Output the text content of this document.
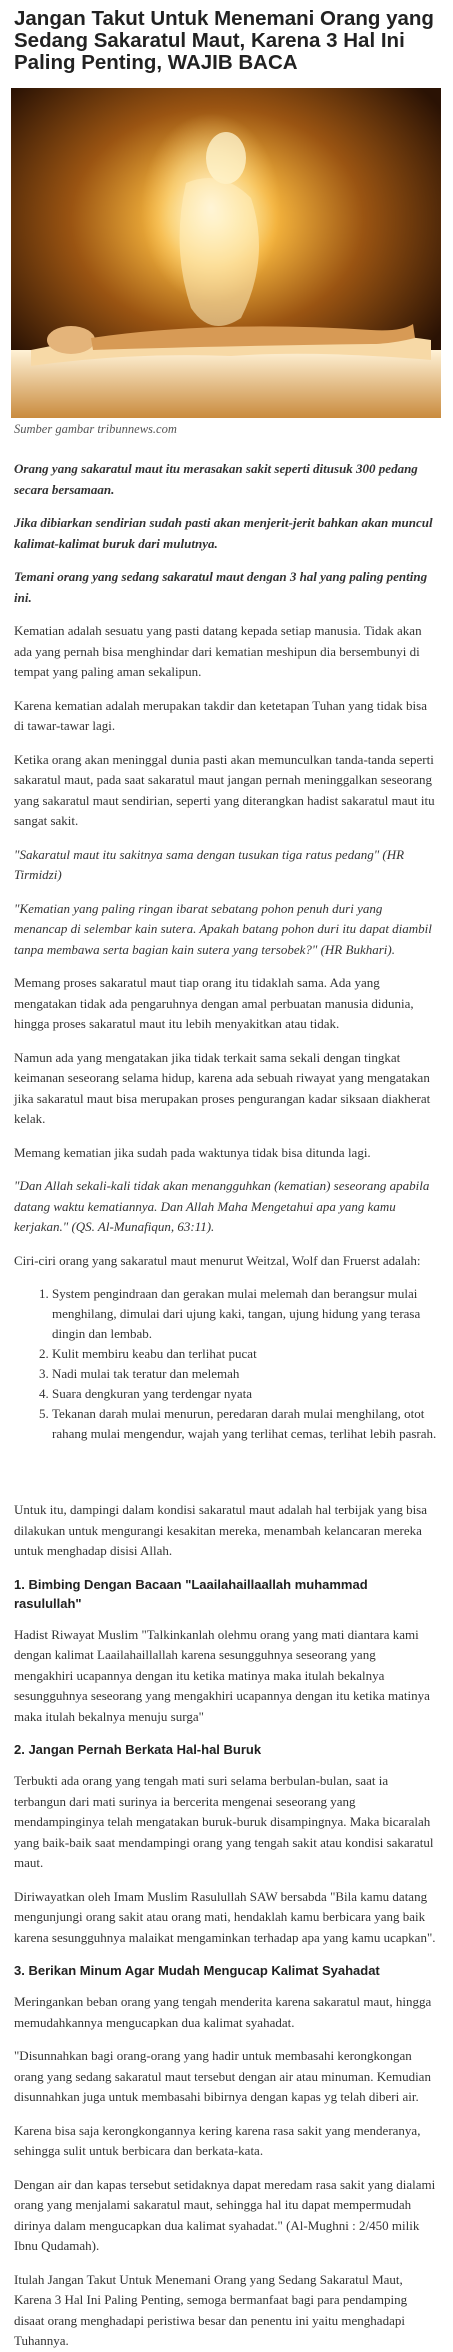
Jangan Takut Untuk Menemani Orang yang Sedang Sakaratul Maut, Karena 3 Hal Ini Paling Penting, WAJIB BACA
Sumber gambar tribunnews.com

Orang yang sakaratul maut itu merasakan sakit seperti ditusuk 300 pedang secara bersamaan.

Jika dibiarkan sendirian sudah pasti akan menjerit-jerit bahkan akan muncul kalimat-kalimat buruk dari mulutnya.

Temani orang yang sedang sakaratul maut dengan 3 hal yang paling penting ini.

Kematian adalah sesuatu yang pasti datang kepada setiap manusia. Tidak akan ada yang pernah bisa menghindar dari kematian meshipun dia bersembunyi di tempat yang paling aman sekalipun.

Karena kematian adalah merupakan takdir dan ketetapan Tuhan yang tidak bisa di tawar-tawar lagi.

Ketika orang akan meninggal dunia pasti akan memunculkan tanda-tanda seperti sakaratul maut, pada saat sakaratul maut jangan pernah meninggalkan seseorang yang sakaratul maut sendirian, seperti yang diterangkan hadist sakaratul maut itu sangat sakit.

"Sakaratul maut itu sakitnya sama dengan tusukan tiga ratus pedang" (HR Tirmidzi)

"Kematian yang paling ringan ibarat sebatang pohon penuh duri yang menancap di selembar kain sutera. Apakah batang pohon duri itu dapat diambil tanpa membawa serta bagian kain sutera yang tersobek?" (HR Bukhari).

Memang proses sakaratul maut tiap orang itu tidaklah sama. Ada yang mengatakan tidak ada pengaruhnya dengan amal perbuatan manusia didunia, hingga proses sakaratul maut itu lebih menyakitkan atau tidak.

Namun ada yang mengatakan jika tidak terkait sama sekali dengan tingkat keimanan seseorang selama hidup, karena ada sebuah riwayat yang mengatakan jika sakaratul maut bisa merupakan proses pengurangan kadar siksaan diakherat kelak.

Memang kematian jika sudah pada waktunya tidak bisa ditunda lagi.

"Dan Allah sekali-kali tidak akan menangguhkan (kematian) seseorang apabila datang waktu kematiannya. Dan Allah Maha Mengetahui apa yang kamu kerjakan." (QS. Al-Munafiqun, 63:11).

Ciri-ciri orang yang sakaratul maut menurut Weitzal, Wolf dan Fruerst adalah:

1. System pengindraan dan gerakan mulai melemah dan berangsur mulai menghilang, dimulai dari ujung kaki, tangan, ujung hidung yang terasa dingin dan lembab.
2. Kulit membiru keabu dan terlihat pucat
3. Nadi mulai tak teratur dan melemah
4. Suara dengkuran yang terdengar nyata
5. Tekanan darah mulai menurun, peredaran darah mulai menghilang, otot rahang mulai mengendur, wajah yang terlihat cemas, terlihat lebih pasrah.

Untuk itu, dampingi dalam kondisi sakaratul maut adalah hal terbijak yang bisa dilakukan untuk mengurangi kesakitan mereka, menambah kelancaran mereka untuk menghadap disisi Allah.

1. Bimbing Dengan Bacaan "Laailahaillaallah muhammad rasulullah"

Hadist Riwayat Muslim "Talkinkanlah olehmu orang yang mati diantara kami dengan kalimat Laailahaillallah karena sesungguhnya seseorang yang mengakhiri ucapannya dengan itu ketika matinya maka itulah bekalnya sesungguhnya seseorang yang mengakhiri ucapannya dengan itu ketika matinya maka itulah bekalnya menuju surga"

2. Jangan Pernah Berkata Hal-hal Buruk

Terbukti ada orang yang tengah mati suri selama berbulan-bulan, saat ia terbangun dari mati surinya ia bercerita mengenai seseorang yang mendampinginya telah mengatakan buruk-buruk disampingnya. Maka bicaralah yang baik-baik saat mendampingi orang yang tengah sakit atau kondisi sakaratul maut.

Diriwayatkan oleh Imam Muslim Rasulullah SAW bersabda "Bila kamu datang mengunjungi orang sakit atau orang mati, hendaklah kamu berbicara yang baik karena sesungguhnya malaikat mengaminkan terhadap apa yang kamu ucapkan".

3. Berikan Minum Agar Mudah Mengucap Kalimat Syahadat

Meringankan beban orang yang tengah menderita karena sakaratul maut, hingga memudahkannya mengucapkan dua kalimat syahadat.

"Disunnahkan bagi orang-orang yang hadir untuk membasahi kerongkongan orang yang sedang sakaratul maut tersebut dengan air atau minuman. Kemudian disunnahkan juga untuk membasahi bibirnya dengan kapas yg telah diberi air.

Karena bisa saja kerongkongannya kering karena rasa sakit yang menderanya, sehingga sulit untuk berbicara dan berkata-kata.

Dengan air dan kapas tersebut setidaknya dapat meredam rasa sakit yang dialami orang yang menjalami sakaratul maut, sehingga hal itu dapat mempermudah dirinya dalam mengucapkan dua kalimat syahadat." (Al-Mughni : 2/450 milik Ibnu Qudamah).

Itulah Jangan Takut Untuk Menemani Orang yang Sedang Sakaratul Maut, Karena 3 Hal Ini Paling Penting, semoga bermanfaat bagi para pendamping disaat orang menghadapi peristiwa besar dan penentu ini yaitu menghadapi Tuhannya.
